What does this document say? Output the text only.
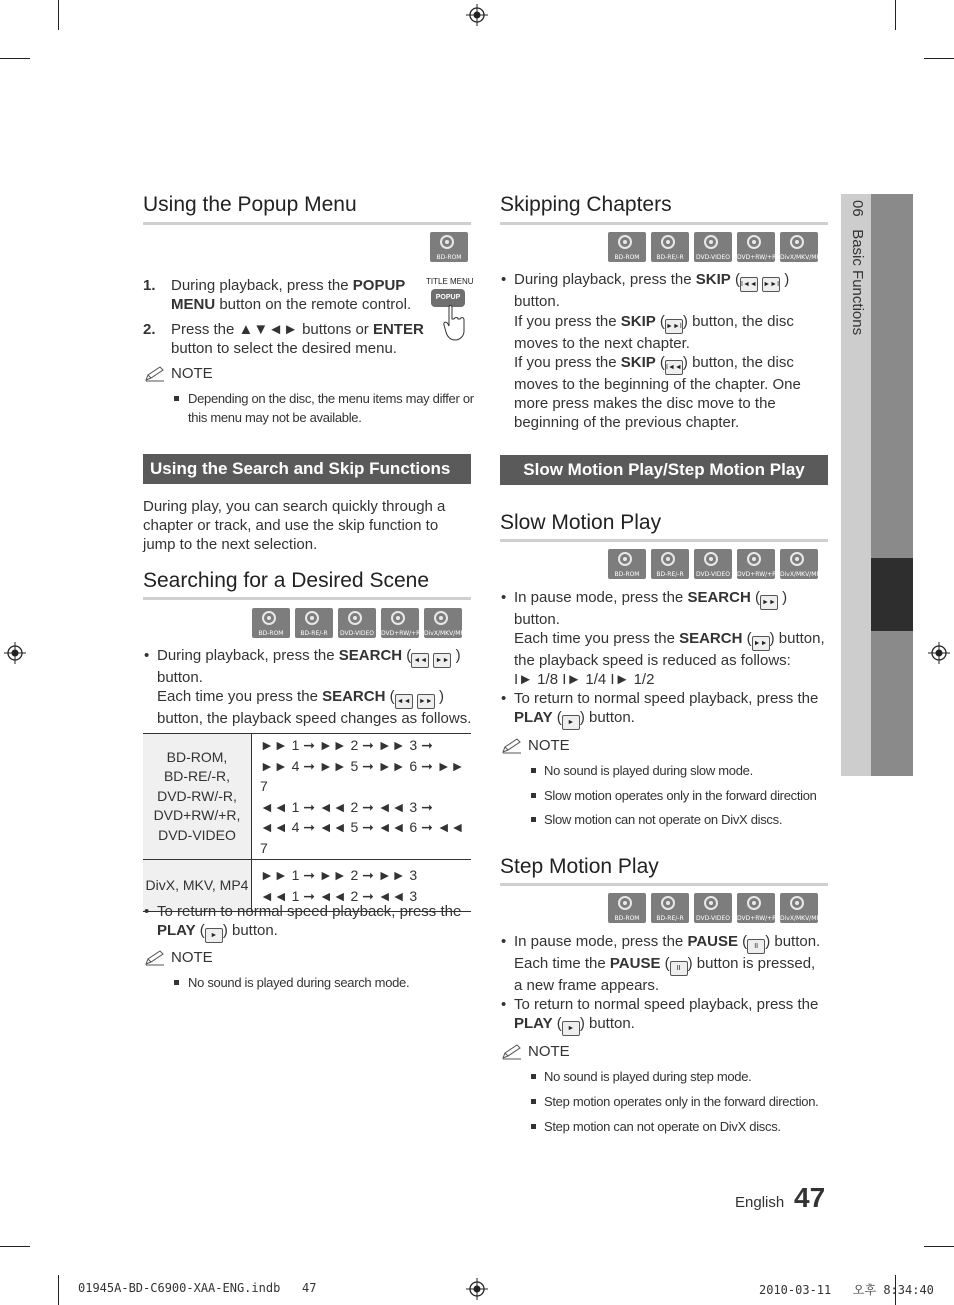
06   Basic Functions
Using the Popup Menu
BD-ROM
1. During playback, press the POPUP
MENU button on the remote control.
2. Press the ▲▼◄► buttons or ENTER
button to select the desired menu.
TITLE MENU
POPUP
NOTE
Depending on the disc, the menu items may differ or
this menu may not be available.
Using the Search and Skip Functions
During play, you can search quickly through a
chapter or track, and use the skip function to
jump to the next selection.
Searching for a Desired Scene
BD-ROM	BD-RE/-R	DVD-VIDEO	DVD+RW/+R DivX/MKV/MP4
• During playback, press the SEARCH ( ◄◄ ►► )
button.
Each time you press the SEARCH ( ◄◄ ►► )
button, the playback speed changes as follows.
BD-ROM,
BD-RE/-R,
DVD-RW/-R,
DVD+RW/+R,
DVD-VIDEO	►► 1 ➞ ►► 2 ➞ ►► 3 ➞
►► 4 ➞ ►► 5 ➞ ►► 6 ➞ ►► 7
◄◄ 1 ➞ ◄◄ 2 ➞ ◄◄ 3 ➞
◄◄ 4 ➞ ◄◄ 5 ➞ ◄◄ 6 ➞ ◄◄ 7
DivX, MKV, MP4	►► 1 ➞ ►► 2 ➞ ►► 3
◄◄ 1 ➞ ◄◄ 2 ➞ ◄◄ 3
• To return to normal speed playback, press the
PLAY ( ► ) button.
NOTE
No sound is played during search mode.
Skipping Chapters
BD-ROM	BD-RE/-R	DVD-VIDEO	DVD+RW/+R DivX/MKV/MP4
• During playback, press the SKIP (I◄◄ ►►I )
button.
If you press the SKIP (►►I) button, the disc
moves to the next chapter.
If you press the SKIP (I◄◄) button, the disc
moves to the beginning of the chapter. One
more press makes the disc move to the
beginning of the previous chapter.
Slow Motion Play/Step Motion Play
Slow Motion Play
BD-ROM	BD-RE/-R	DVD-VIDEO	DVD+RW/+R DivX/MKV/MP4
• In pause mode, press the SEARCH ( ►► )
button.
Each time you press the SEARCH ( ►► ) button,
the playback speed is reduced as follows:
I► 1/8 I► 1/4 I► 1/2
• To return to normal speed playback, press the
PLAY ( ► ) button.
NOTE
No sound is played during slow mode.
Slow motion operates only in the forward direction
Slow motion can not operate on DivX discs.
Step Motion Play
BD-ROM	BD-RE/-R	DVD-VIDEO	DVD+RW/+R DivX/MKV/MP4
• In pause mode, press the PAUSE ( II ) button.
Each time the PAUSE ( II ) button is pressed,
a new frame appears.
• To return to normal speed playback, press the
PLAY ( ► ) button.
NOTE
No sound is played during step mode.
Step motion operates only in the forward direction.
Step motion can not operate on DivX discs.
English 47
01945A-BD-C6900-XAA-ENG.indb   47	2010-03-11   오후 8:34:40
